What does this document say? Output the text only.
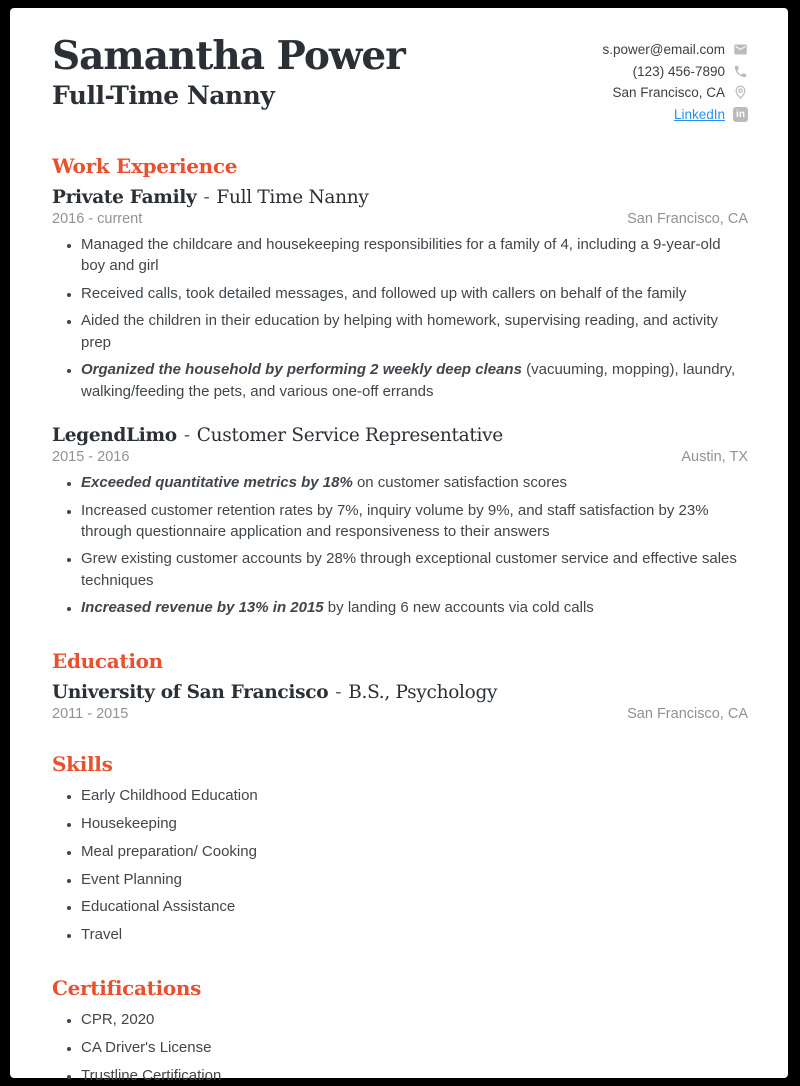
Samantha Power
Full-Time Nanny
s.power@email.com
(123) 456-7890
San Francisco, CA
LinkedIn	in
Work Experience
Private Family - Full Time Nanny
2016 - current	San Francisco, CA
• Managed the childcare and housekeeping responsibilities for a family of 4, including a 9-year-old boy and girl
• Received calls, took detailed messages, and followed up with callers on behalf of the family
• Aided the children in their education by helping with homework, supervising reading, and activity prep
• Organized the household by performing 2 weekly deep cleans (vacuuming, mopping), laundry, walking/feeding the pets, and various one-off errands
LegendLimo - Customer Service Representative
2015 - 2016	Austin, TX
• Exceeded quantitative metrics by 18% on customer satisfaction scores
• Increased customer retention rates by 7%, inquiry volume by 9%, and staff satisfaction by 23% through questionnaire application and responsiveness to their answers
• Grew existing customer accounts by 28% through exceptional customer service and effective sales techniques
• Increased revenue by 13% in 2015 by landing 6 new accounts via cold calls
Education
University of San Francisco - B.S., Psychology
2011 - 2015	San Francisco, CA
Skills
• Early Childhood Education
• Housekeeping
• Meal preparation/ Cooking
• Event Planning
• Educational Assistance
• Travel
Certifications
• CPR, 2020
• CA Driver's License
• Trustline Certification
